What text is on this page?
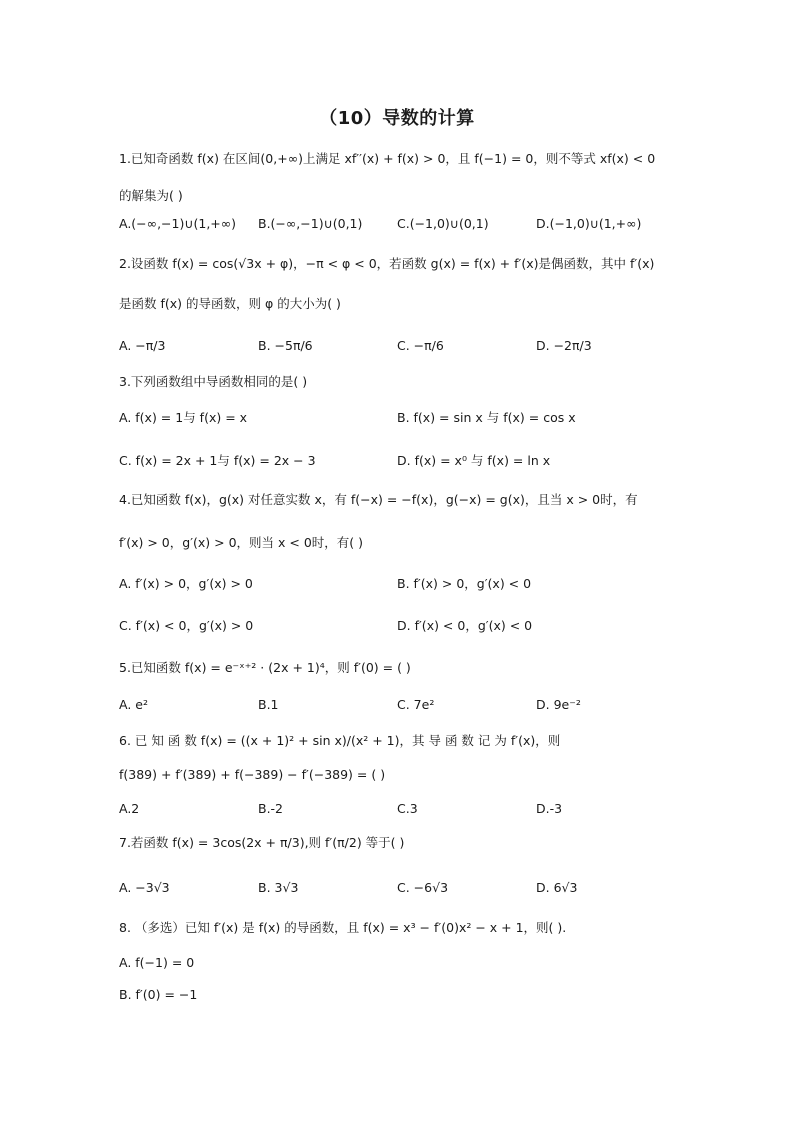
（10）导数的计算
1.已知奇函数 f(x) 在区间(0,+∞)上满足 xf′′(x) + f(x) > 0，且 f(−1) = 0，则不等式 xf(x) < 0
的解集为( )
A.(−∞,−1)∪(1,+∞) B.(−∞,−1)∪(0,1)	C.(−1,0)∪(0,1)	D.(−1,0)∪(1,+∞)
2.设函数 f(x) = cos(√3x + φ)，−π < φ < 0，若函数 g(x) = f(x) + f′(x)是偶函数，其中 f′(x)
是函数 f(x) 的导函数，则 φ 的大小为( )
A. −π/3	B. −5π/6	C. −π/6	D. −2π/3
3.下列函数组中导函数相同的是( )
A. f(x) = 1与 f(x) = x	B. f(x) = sin x 与 f(x) = cos x
C. f(x) = 2x + 1与 f(x) = 2x − 3	D. f(x) = x⁰ 与 f(x) = ln x
4.已知函数 f(x)，g(x) 对任意实数 x，有 f(−x) = −f(x)，g(−x) = g(x)，且当 x > 0时，有
f′(x) > 0，g′(x) > 0，则当 x < 0时，有( )
A. f′(x) > 0，g′(x) > 0	B. f′(x) > 0，g′(x) < 0
C. f′(x) < 0，g′(x) > 0	D. f′(x) < 0，g′(x) < 0
5.已知函数 f(x) = e⁻ˣ⁺² · (2x + 1)⁴，则 f′(0) = ( )
A. e²	B.1	C. 7e²	D. 9e⁻²
6. 已 知 函 数 f(x) = ((x + 1)² + sin x)/(x² + 1)，其 导 函 数 记 为 f′(x)，则
f(389) + f′(389) + f(−389) − f′(−389) = ( )
A.2	B.-2	C.3	D.-3
7.若函数 f(x) = 3cos(2x + π/3),则 f′(π/2) 等于( )
A. −3√3	B. 3√3	C. −6√3	D. 6√3
8. （多选）已知 f′(x) 是 f(x) 的导函数，且 f(x) = x³ − f′(0)x² − x + 1，则( ).
A. f(−1) = 0
B. f′(0) = −1
